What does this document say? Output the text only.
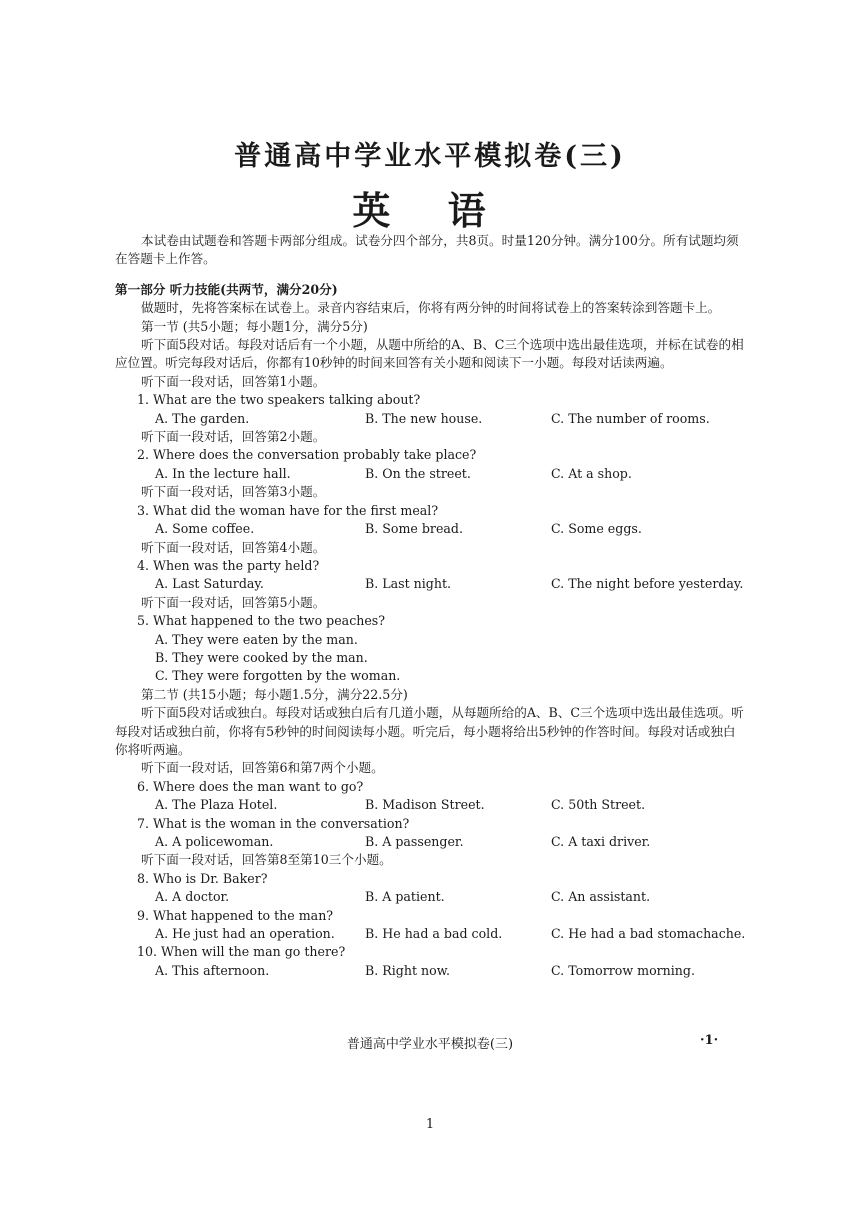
普通高中学业水平模拟卷(三)
英 语

本试卷由试题卷和答题卡两部分组成。试卷分四个部分，共8页。时量120分钟。满分100分。所有试题均须在答题卡上作答。

第一部分 听力技能(共两节，满分20分)

做题时，先将答案标在试卷上。录音内容结束后，你将有两分钟的时间将试卷上的答案转涂到答题卡上。

第一节 (共5小题；每小题1分，满分5分)

听下面5段对话。每段对话后有一个小题，从题中所给的A、B、C三个选项中选出最佳选项，并标在试卷的相应位置。听完每段对话后，你都有10秒钟的时间来回答有关小题和阅读下一小题。每段对话读两遍。

听下面一段对话，回答第1小题。

1. What are the two speakers talking about?

A. The garden.	B. The new house.	C. The number of rooms.

听下面一段对话，回答第2小题。

2. Where does the conversation probably take place?

A. In the lecture hall.	B. On the street.	C. At a shop.

听下面一段对话，回答第3小题。

3. What did the woman have for the first meal?

A. Some coffee.	B. Some bread.	C. Some eggs.

听下面一段对话，回答第4小题。

4. When was the party held?

A. Last Saturday.	B. Last night.	C. The night before yesterday.

听下面一段对话，回答第5小题。

5. What happened to the two peaches?

A. They were eaten by the man.

B. They were cooked by the man.

C. They were forgotten by the woman.

第二节 (共15小题；每小题1.5分，满分22.5分)

听下面5段对话或独白。每段对话或独白后有几道小题，从每题所给的A、B、C三个选项中选出最佳选项。听每段对话或独白前，你将有5秒钟的时间阅读每小题。听完后，每小题将给出5秒钟的作答时间。每段对话或独白你将听两遍。

听下面一段对话，回答第6和第7两个小题。

6. Where does the man want to go?

A. The Plaza Hotel.	B. Madison Street.	C. 50th Street.

7. What is the woman in the conversation?

A. A policewoman.	B. A passenger.	C. A taxi driver.

听下面一段对话，回答第8至第10三个小题。

8. Who is Dr. Baker?

A. A doctor.	B. A patient.	C. An assistant.

9. What happened to the man?

A. He just had an operation.	B. He had a bad cold.	C. He had a bad stomachache.

10. When will the man go there?

A. This afternoon.	B. Right now.	C. Tomorrow morning.
普通高中学业水平模拟卷(三)	·1·
1
